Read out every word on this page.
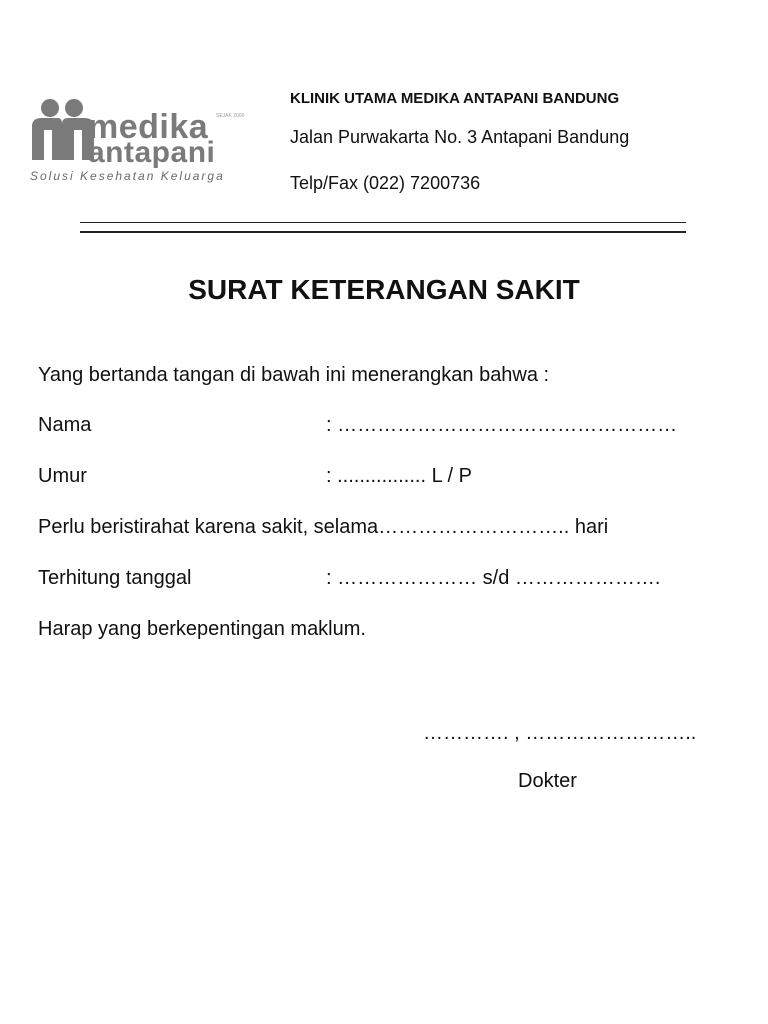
medika
antapani
Solusi Kesehatan Keluarga
SEJAK 2000
KLINIK UTAMA MEDIKA ANTAPANI BANDUNG
Jalan Purwakarta No. 3 Antapani Bandung
Telp/Fax (022) 7200736
SURAT KETERANGAN SAKIT
Yang bertanda tangan di bawah ini menerangkan bahwa :
Nama	: ……………………………………………
Umur	: ................ L / P
Perlu beristirahat karena sakit, selama……………………….. hari
Terhitung tanggal	: ………………… s/d ………………….
Harap yang berkepentingan maklum.
…………. , ……………………..
Dokter
